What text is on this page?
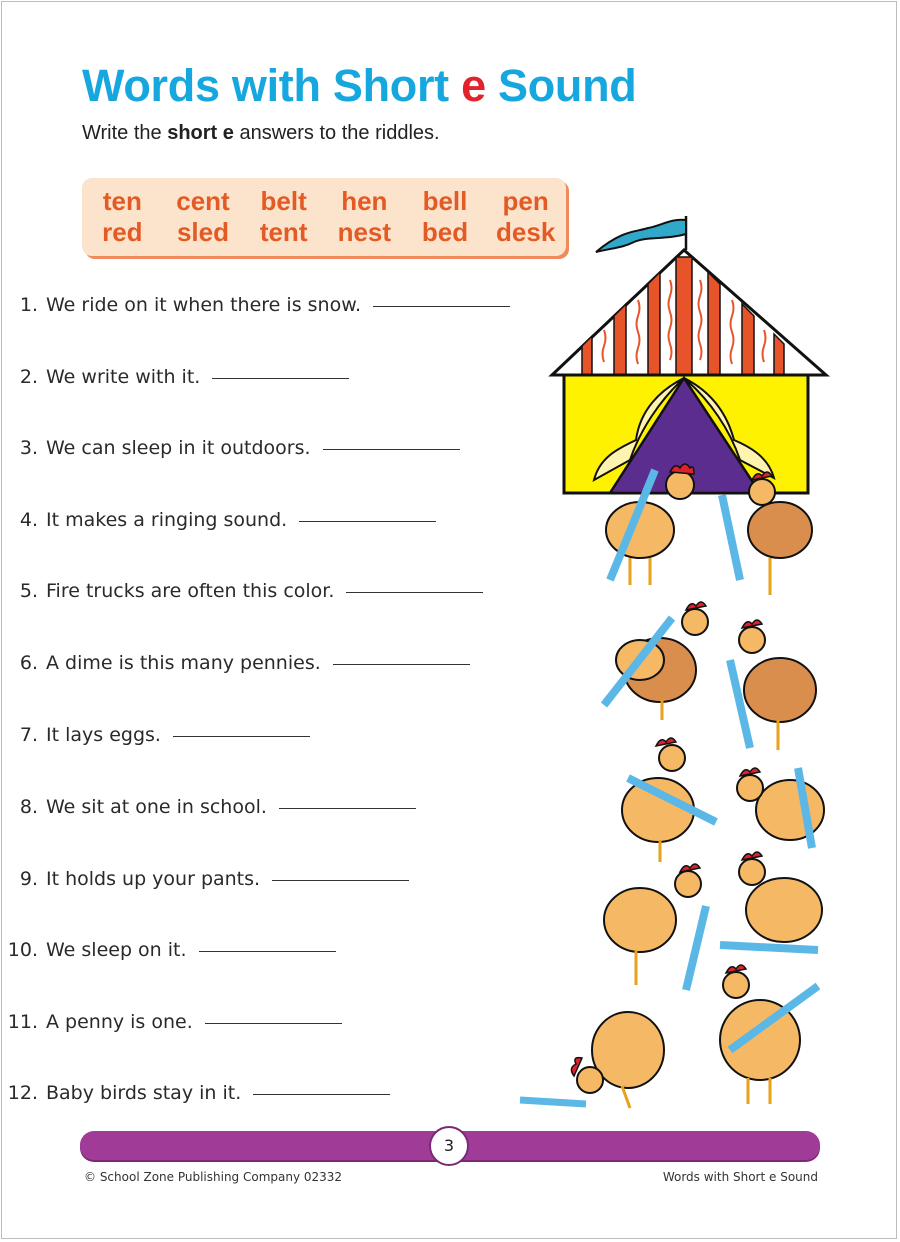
Words with Short e Sound
Write the short e answers to the riddles.
ten	cent	belt	hen	bell	pen
red	sled	tent	nest	bed	desk
1. We ride on it when there is snow.
2. We write with it.
3. We can sleep in it outdoors.
4. It makes a ringing sound.
5. Fire trucks are often this color.
6. A dime is this many pennies.
7. It lays eggs.
8. We sit at one in school.
9. It holds up your pants.
10. We sleep on it.
11. A penny is one.
12. Baby birds stay in it.
3
© School Zone Publishing Company 02332	Words with Short e Sound
